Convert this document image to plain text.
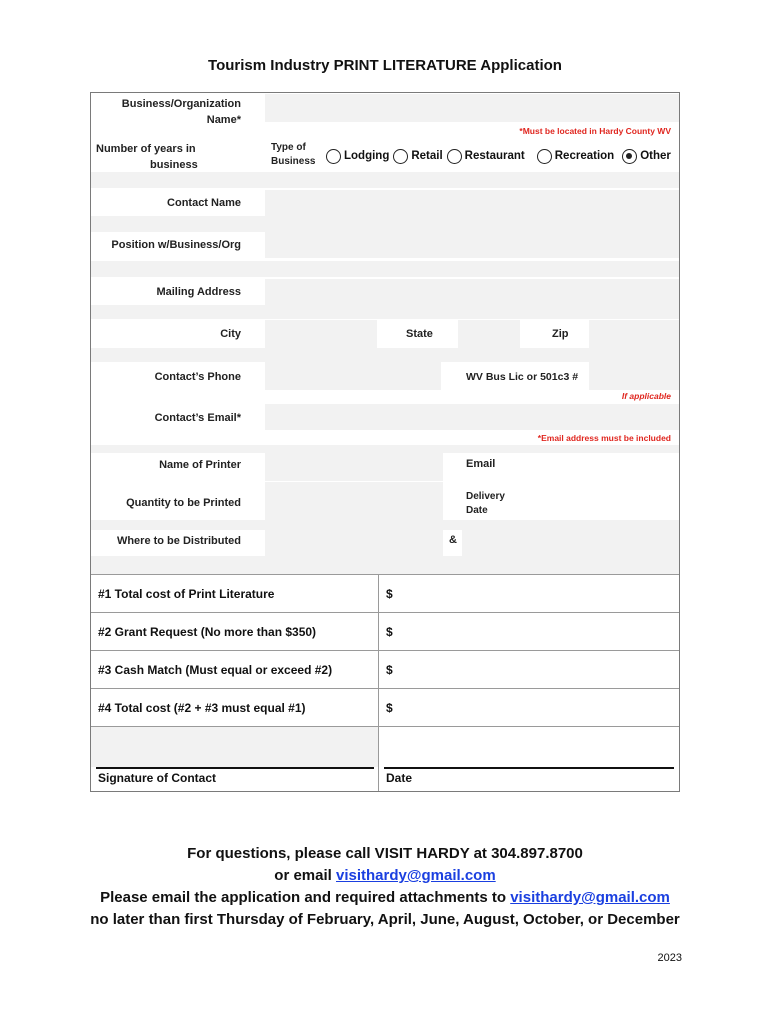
Tourism Industry PRINT LITERATURE Application
Business/Organization
Name*
*Must be located in Hardy County WV
Number of years in
business
Type of
Business Lodging Retail Restaurant	Recreation Other
Contact Name
Position w/Business/Org
Mailing Address
City	State	Zip
Contact’s Phone	WV Bus Lic or 501c3 #
If applicable
Contact’s Email*
*Email address must be included
Name of Printer	Email
Quantity to be Printed
Delivery
Date
Where to be Distributed	&
#1 Total cost of Print Literature	$
#2 Grant Request (No more than $350)	$
#3 Cash Match (Must equal or exceed #2)	$
#4 Total cost (#2 + #3 must equal #1)	$
Signature of Contact	Date
For questions, please call VISIT HARDY at 304.897.8700
or email visithardy@gmail.com
Please email the application and required attachments to visithardy@gmail.com
no later than first Thursday of February, April, June, August, October, or December
2023
